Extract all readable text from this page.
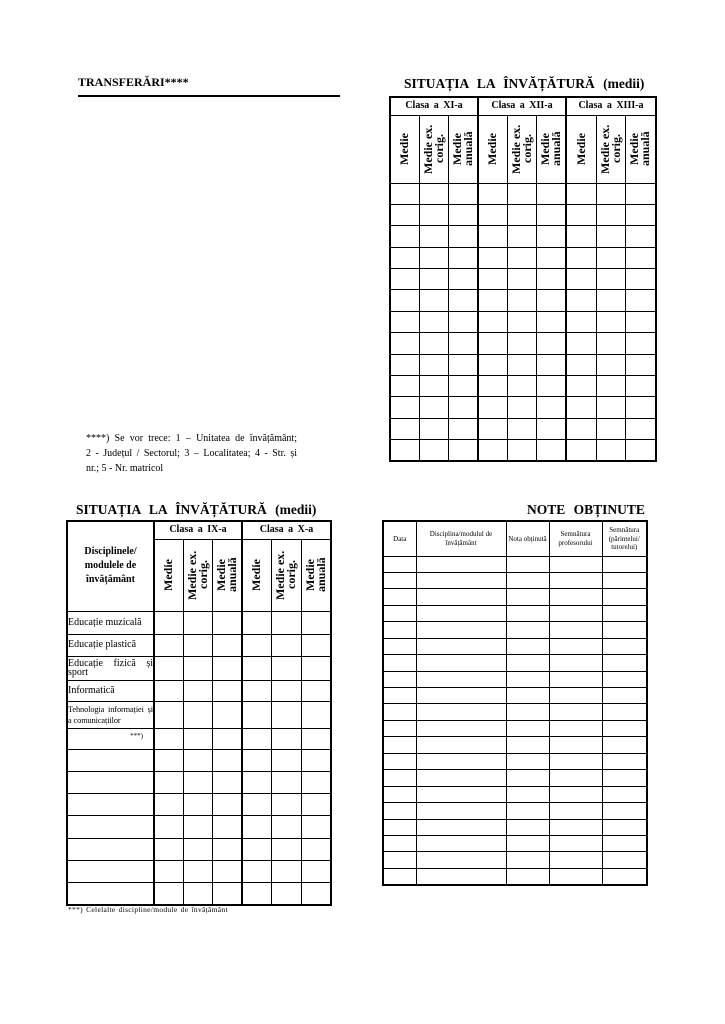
TRANSFERĂRI****
****) Se vor trece: 1 – Unitatea de învățământ;
2 - Județul / Sectorul; 3 – Localitatea; 4 - Str. și
nr.; 5 - Nr. matricol
SITUAȚIA LA ÎNVĂȚĂTURĂ (medii)
Clasa a XI-a			Clasa a XII-a			Clasa a XIII-a		
Medie	Medie ex. corig.	Medie anuală	Medie	Medie ex. corig.	Medie anuală	Medie	Medie ex. corig.	Medie anuală

SITUAȚIA LA ÎNVĂȚĂTURĂ (medii)
Disciplinele/ modulele de învățământ	Clasa a IX-a			Clasa a X-a		
	Medie	Medie ex. corig.	Medie anuală	Medie	Medie ex. corig.	Medie anuală
Educație muzicală						
Educație plastică						
Educație fizică și sport						
Informatică						
Tehnologia informației și a comunicațiilor						
***)						

***) Celelalte discipline/module de învățământ
NOTE OBȚINUTE
Data	Disciplina/modulul de învățământ	Nota obținută	Semnătura profesorului	Semnătura (părintelui/ tutorelui)
